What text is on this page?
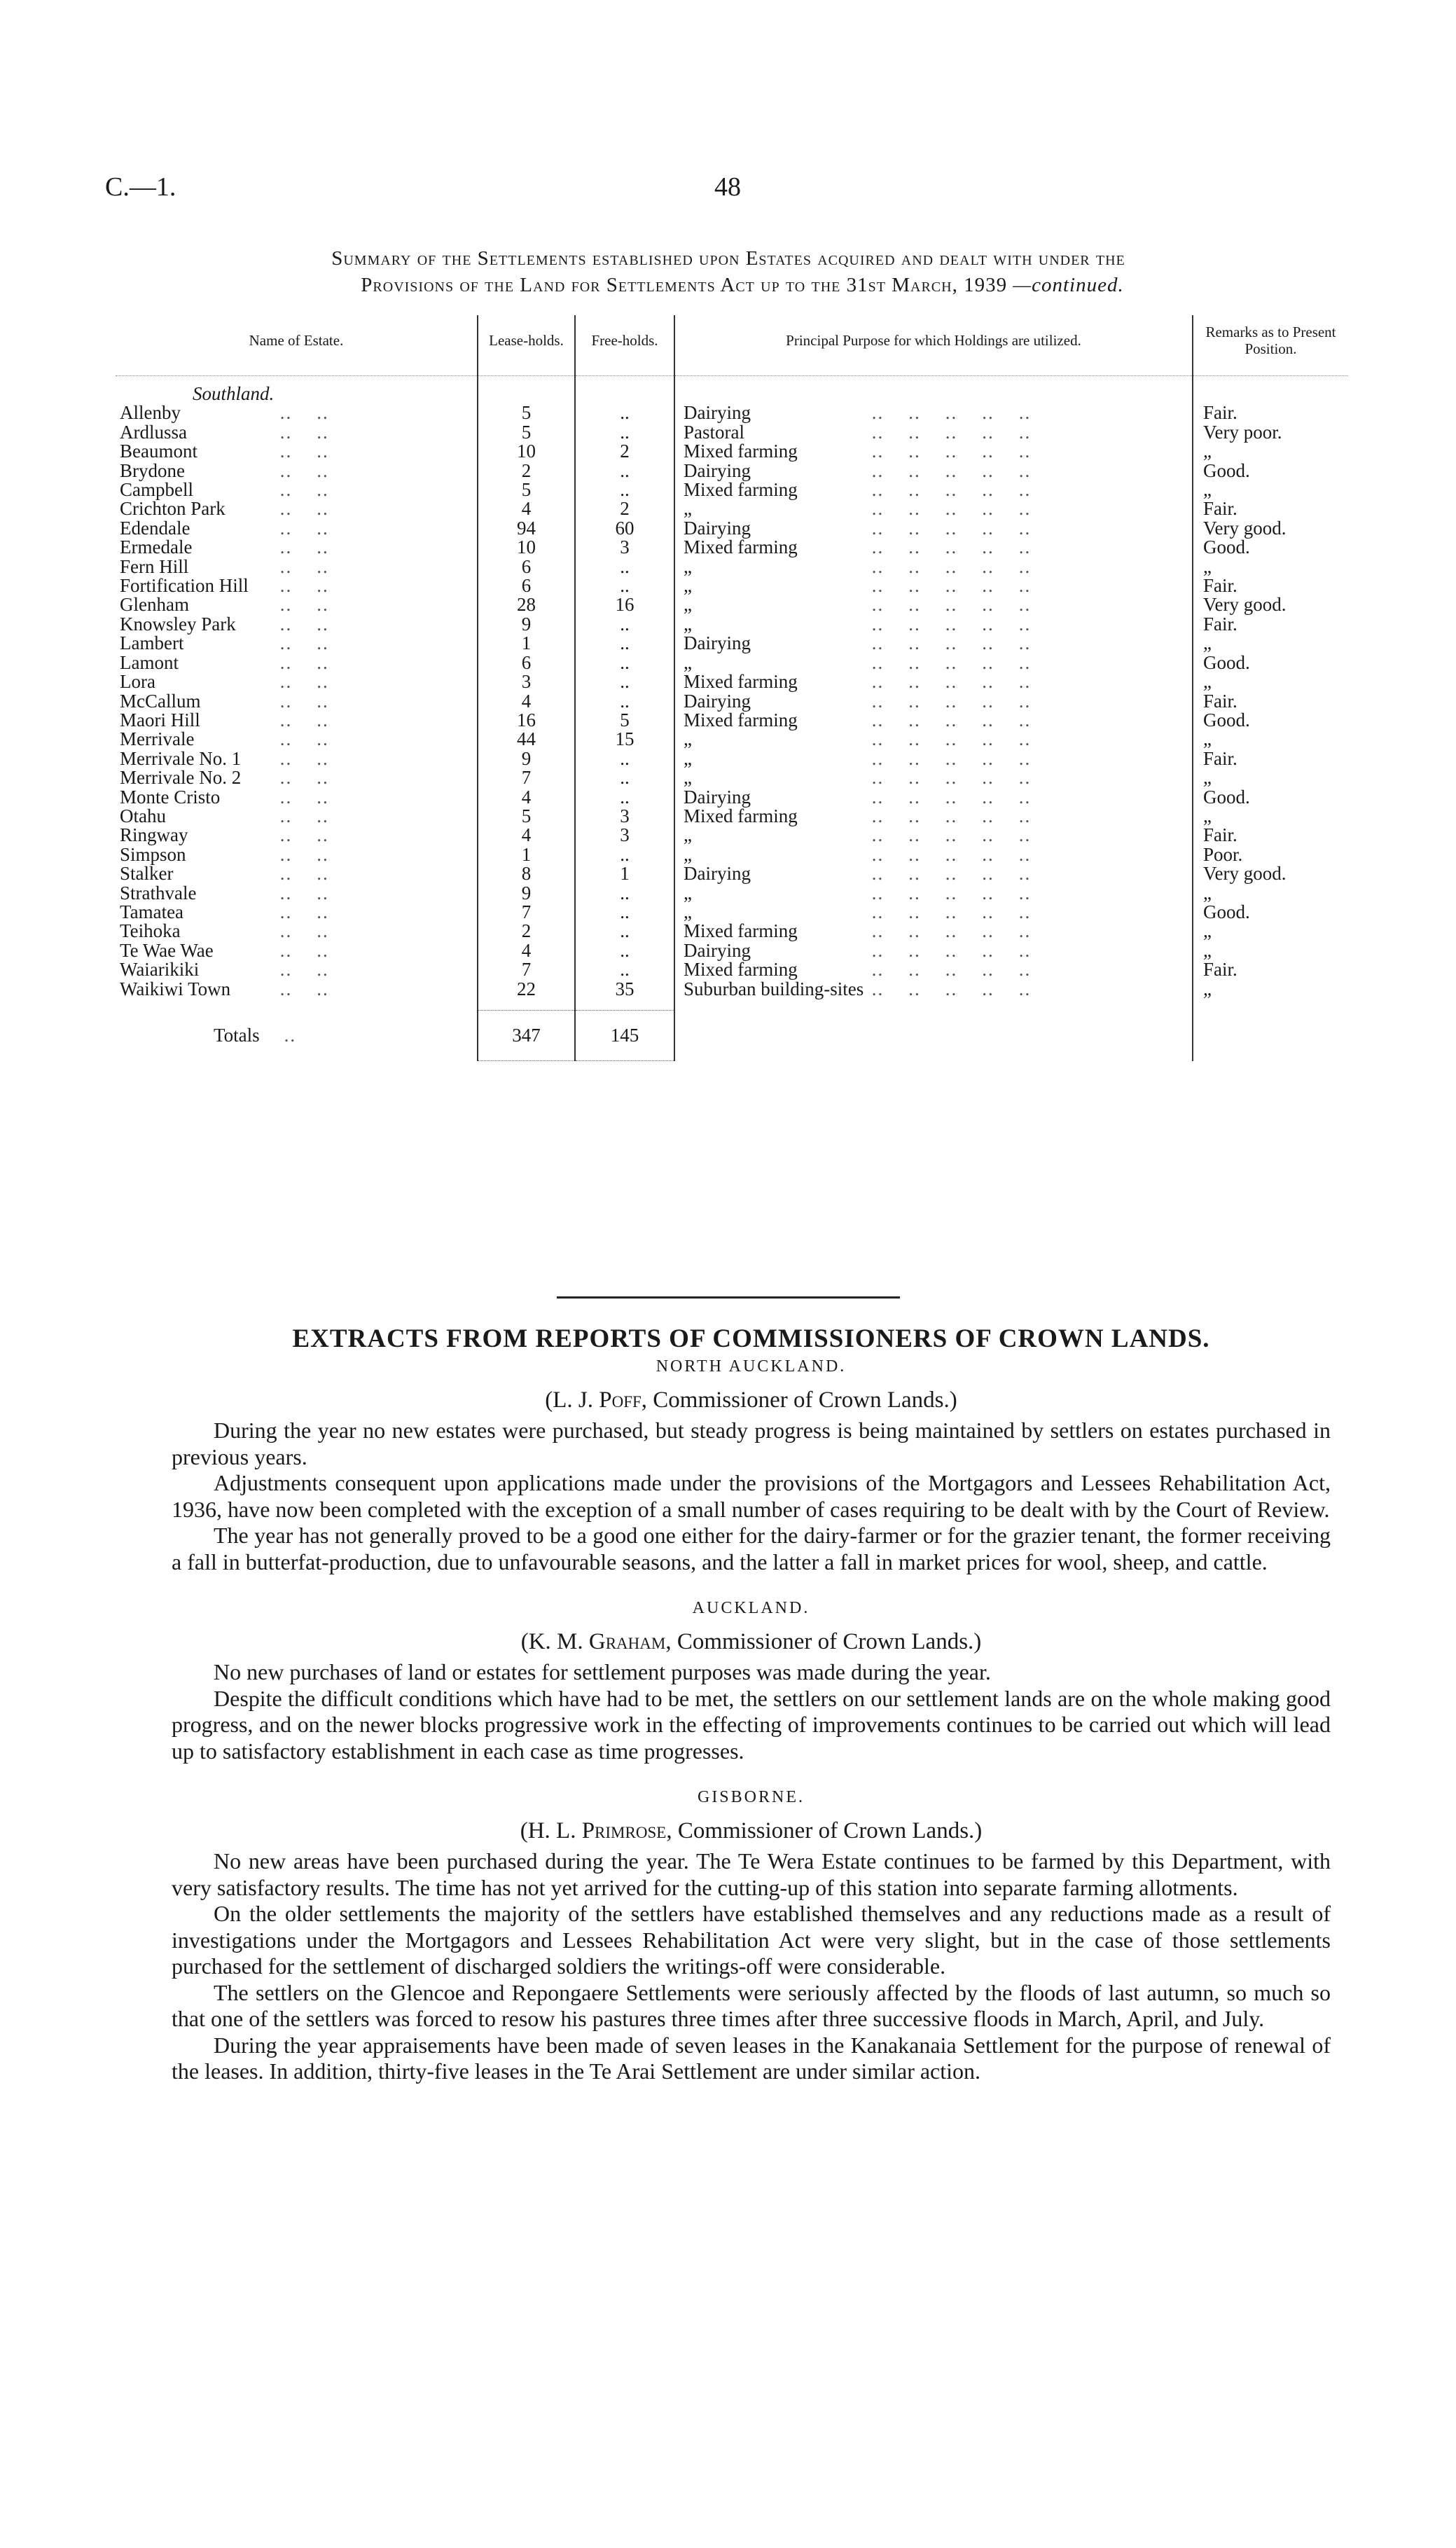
C.—1.	48
Summary of the Settlements established upon Estates acquired and dealt with under the
Provisions of the Land for Settlements Act up to the 31st March, 1939 —continued.
Name of Estate.	Lease-holds.	Free-holds.	Principal Purpose for which Holdings are utilized.	Remarks as to Present Position.
Southland.				
Allenby ..    ..	5	..	Dairying ..    ..    ..    ..    ..	Fair.
Ardlussa ..    ..	5	..	Pastoral ..    ..    ..    ..    ..	Very poor.
Beaumont ..    ..	10	2	Mixed farming ..    ..    ..    ..    ..	„
Brydone ..    ..	2	..	Dairying ..    ..    ..    ..    ..	Good.
Campbell ..    ..	5	..	Mixed farming ..    ..    ..    ..    ..	„
Crichton Park ..    ..	4	2	„ ..    ..    ..    ..    ..	Fair.
Edendale ..    ..	94	60	Dairying ..    ..    ..    ..    ..	Very good.
Ermedale ..    ..	10	3	Mixed farming ..    ..    ..    ..    ..	Good.
Fern Hill ..    ..	6	..	„ ..    ..    ..    ..    ..	„
Fortification Hill ..    ..	6	..	„ ..    ..    ..    ..    ..	Fair.
Glenham ..    ..	28	16	„ ..    ..    ..    ..    ..	Very good.
Knowsley Park ..    ..	9	..	„ ..    ..    ..    ..    ..	Fair.
Lambert ..    ..	1	..	Dairying ..    ..    ..    ..    ..	„
Lamont ..    ..	6	..	„ ..    ..    ..    ..    ..	Good.
Lora ..    ..	3	..	Mixed farming ..    ..    ..    ..    ..	„
McCallum ..    ..	4	..	Dairying ..    ..    ..    ..    ..	Fair.
Maori Hill ..    ..	16	5	Mixed farming ..    ..    ..    ..    ..	Good.
Merrivale ..    ..	44	15	„ ..    ..    ..    ..    ..	„
Merrivale No. 1 ..    ..	9	..	„ ..    ..    ..    ..    ..	Fair.
Merrivale No. 2 ..    ..	7	..	„ ..    ..    ..    ..    ..	„
Monte Cristo ..    ..	4	..	Dairying ..    ..    ..    ..    ..	Good.
Otahu ..    ..	5	3	Mixed farming ..    ..    ..    ..    ..	„
Ringway ..    ..	4	3	„ ..    ..    ..    ..    ..	Fair.
Simpson ..    ..	1	..	„ ..    ..    ..    ..    ..	Poor.
Stalker ..    ..	8	1	Dairying ..    ..    ..    ..    ..	Very good.
Strathvale ..    ..	9	..	„ ..    ..    ..    ..    ..	„
Tamatea ..    ..	7	..	„ ..    ..    ..    ..    ..	Good.
Teihoka ..    ..	2	..	Mixed farming ..    ..    ..    ..    ..	„
Te Wae Wae ..    ..	4	..	Dairying ..    ..    ..    ..    ..	„
Waiarikiki ..    ..	7	..	Mixed farming ..    ..    ..    ..    ..	Fair.
Waikiwi Town ..    ..	22	35	Suburban building-sites ..    ..    ..    ..    ..	„

Totals    ..	347	145		
EXTRACTS FROM REPORTS OF COMMISSIONERS OF CROWN LANDS.
NORTH AUCKLAND.
(L. J. Poff, Commissioner of Crown Lands.)

During the year no new estates were purchased, but steady progress is being maintained by settlers on estates purchased in previous years.

Adjustments consequent upon applications made under the provisions of the Mortgagors and Lessees Rehabilitation Act, 1936, have now been completed with the exception of a small number of cases requiring to be dealt with by the Court of Review.

The year has not generally proved to be a good one either for the dairy-farmer or for the grazier tenant, the former receiving a fall in butterfat-production, due to unfavourable seasons, and the latter a fall in market prices for wool, sheep, and cattle.

AUCKLAND.
(K. M. Graham, Commissioner of Crown Lands.)

No new purchases of land or estates for settlement purposes was made during the year.

Despite the difficult conditions which have had to be met, the settlers on our settlement lands are on the whole making good progress, and on the newer blocks progressive work in the effecting of improvements continues to be carried out which will lead up to satisfactory establishment in each case as time progresses.

GISBORNE.
(H. L. Primrose, Commissioner of Crown Lands.)

No new areas have been purchased during the year. The Te Wera Estate continues to be farmed by this Department, with very satisfactory results. The time has not yet arrived for the cutting-up of this station into separate farming allotments.

On the older settlements the majority of the settlers have established themselves and any reductions made as a result of investigations under the Mortgagors and Lessees Rehabilitation Act were very slight, but in the case of those settlements purchased for the settlement of discharged soldiers the writings-off were considerable.

The settlers on the Glencoe and Repongaere Settlements were seriously affected by the floods of last autumn, so much so that one of the settlers was forced to resow his pastures three times after three successive floods in March, April, and July.

During the year appraisements have been made of seven leases in the Kanakanaia Settlement for the purpose of renewal of the leases. In addition, thirty-five leases in the Te Arai Settlement are under similar action.
